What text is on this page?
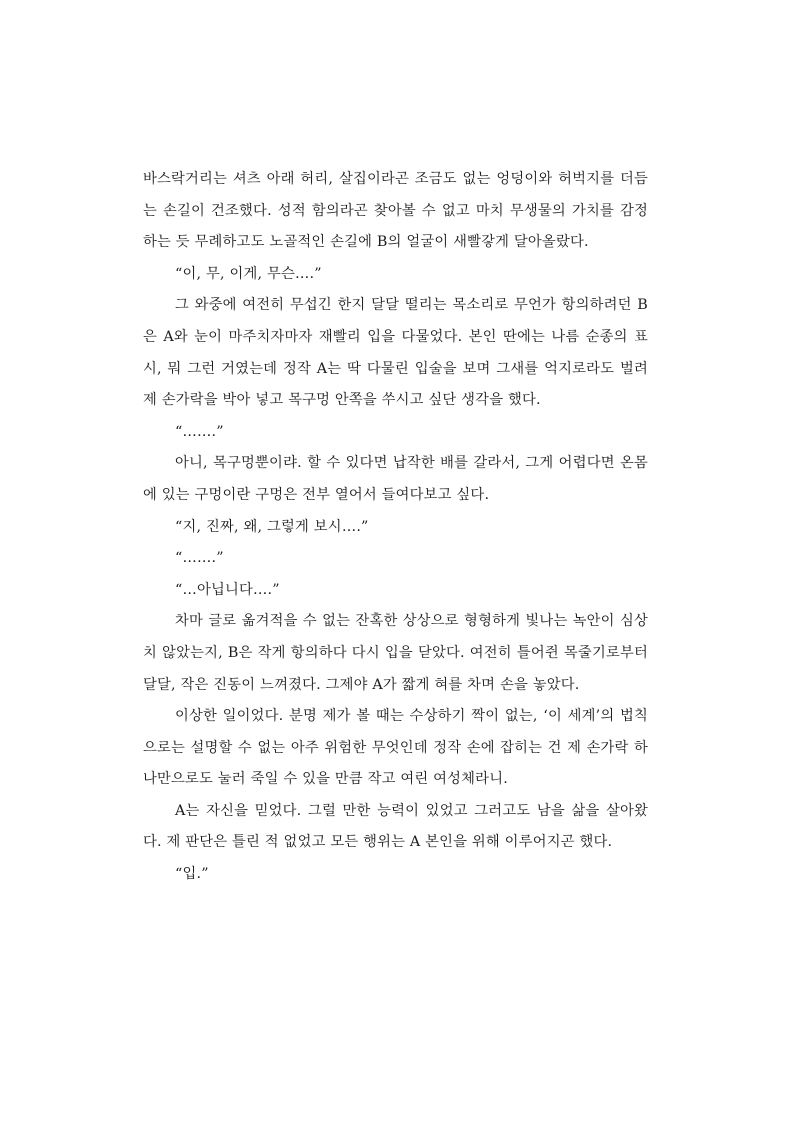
바스락거리는 셔츠 아래 허리, 살집이라곤 조금도 없는 엉덩이와 허벅지를 더듬는 손길이 건조했다. 성적 함의라곤 찾아볼 수 없고 마치 무생물의 가치를 감정하는 듯 무례하고도 노골적인 손길에 B의 얼굴이 새빨갛게 달아올랐다.

“이, 무, 이게, 무슨….”

그 와중에 여전히 무섭긴 한지 달달 떨리는 목소리로 무언가 항의하려던 B은 A와 눈이 마주치자마자 재빨리 입을 다물었다. 본인 딴에는 나름 순종의 표시, 뭐 그런 거였는데 정작 A는 딱 다물린 입술을 보며 그새를 억지로라도 벌려 제 손가락을 박아 넣고 목구멍 안쪽을 쑤시고 싶단 생각을 했다.

“…….”

아니, 목구멍뿐이랴. 할 수 있다면 납작한 배를 갈라서, 그게 어렵다면 온몸에 있는 구멍이란 구멍은 전부 열어서 들여다보고 싶다.

“지, 진짜, 왜, 그렇게 보시….”

“…….”

“…아닙니다….”

차마 글로 옮겨적을 수 없는 잔혹한 상상으로 형형하게 빛나는 녹안이 심상치 않았는지, B은 작게 항의하다 다시 입을 닫았다. 여전히 틀어쥔 목줄기로부터 달달, 작은 진동이 느껴졌다. 그제야 A가 짧게 혀를 차며 손을 놓았다.

이상한 일이었다. 분명 제가 볼 때는 수상하기 짝이 없는, ‘이 세계’의 법칙으로는 설명할 수 없는 아주 위험한 무엇인데 정작 손에 잡히는 건 제 손가락 하나만으로도 눌러 죽일 수 있을 만큼 작고 여린 여성체라니.

A는 자신을 믿었다. 그럴 만한 능력이 있었고 그러고도 남을 삶을 살아왔다. 제 판단은 틀린 적 없었고 모든 행위는 A 본인을 위해 이루어지곤 했다.

“입.”
